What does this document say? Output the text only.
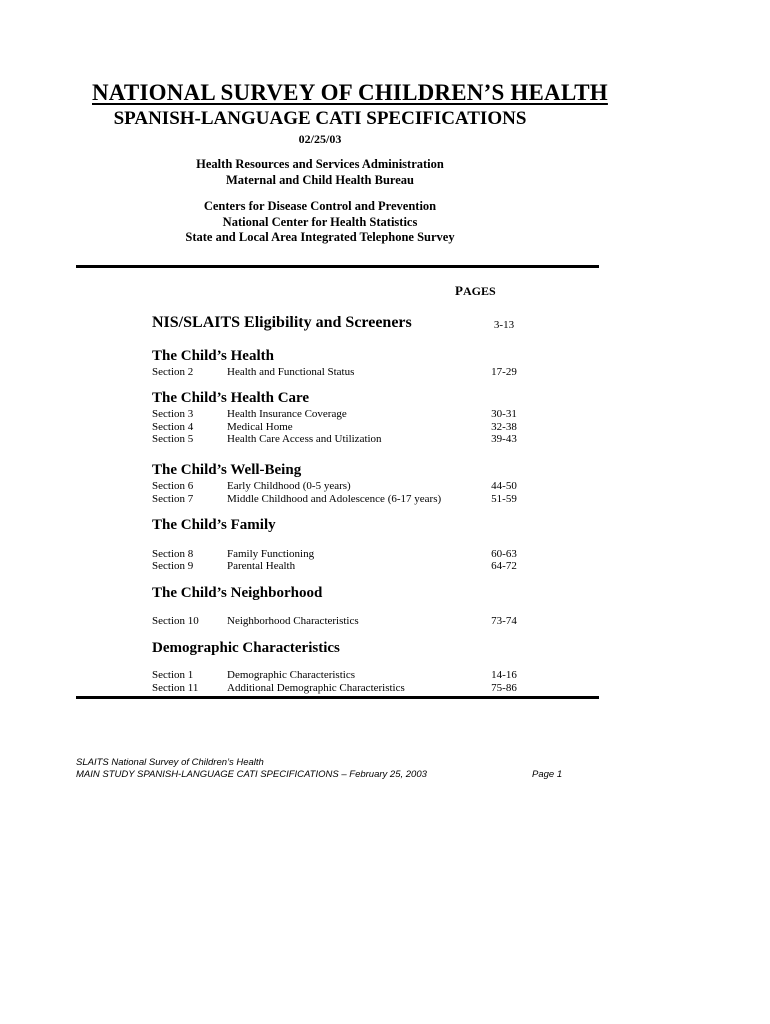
NATIONAL SURVEY OF CHILDREN’S HEALTH
SPANISH-LANGUAGE CATI SPECIFICATIONS
02/25/03
Health Resources and Services Administration
Maternal and Child Health Bureau
Centers for Disease Control and Prevention
National Center for Health Statistics
State and Local Area Integrated Telephone Survey
PAGES
NIS/SLAITS Eligibility and Screeners	3-13
The Child’s Health
Section 2	Health and Functional Status	17-29
The Child’s Health Care
Section 3	Health Insurance Coverage	30-31
Section 4	Medical Home	32-38
Section 5	Health Care Access and Utilization	39-43
The Child’s Well-Being
Section 6	Early Childhood (0-5 years)	44-50
Section 7	Middle Childhood and Adolescence (6-17 years)	51-59
The Child’s Family
Section 8	Family Functioning	60-63
Section 9	Parental Health	64-72
The Child’s Neighborhood
Section 10	Neighborhood Characteristics	73-74
Demographic Characteristics
Section 1	Demographic Characteristics	14-16
Section 11	Additional Demographic Characteristics	75-86
SLAITS National Survey of Children’s Health
MAIN STUDY SPANISH-LANGUAGE CATI SPECIFICATIONS – February 25, 2003	Page 1
